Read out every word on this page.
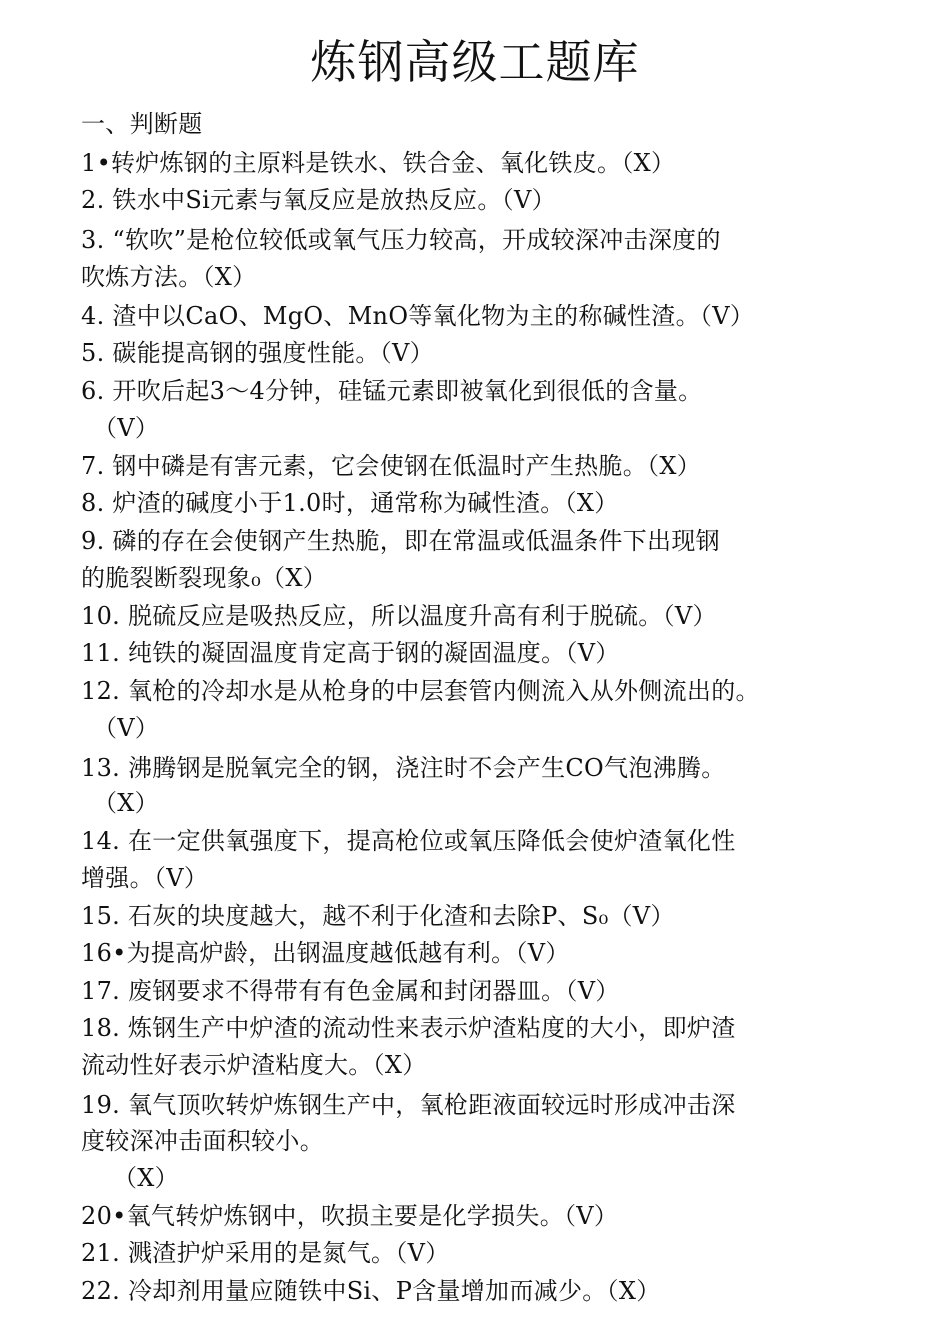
炼钢高级工题库
一、判断题
1•转炉炼钢的主原料是铁水、铁合金、氧化铁皮。（X）
2. 铁水中Si元素与氧反应是放热反应。（V）
3. “软吹”是枪位较低或氧气压力较高，开成较深冲击深度的
吹炼方法。（X）
4. 渣中以CaO、MgO、MnO等氧化物为主的称碱性渣。（V）
5. 碳能提高钢的强度性能。（V）
6. 开吹后起3〜4分钟，硅锰元素即被氧化到很低的含量。
（V）
7. 钢中磷是有害元素，它会使钢在低温时产生热脆。（X）
8. 炉渣的碱度小于1.0时，通常称为碱性渣。（X）
9. 磷的存在会使钢产生热脆，即在常温或低温条件下出现钢
的脆裂断裂现象₀（X）
10. 脱硫反应是吸热反应，所以温度升高有利于脱硫。（V）
11. 纯铁的凝固温度肯定高于钢的凝固温度。（V）
12. 氧枪的冷却水是从枪身的中层套管内侧流入从外侧流出的。
（V）
13. 沸腾钢是脱氧完全的钢，浇注时不会产生CO气泡沸腾。
（X）
14. 在一定供氧强度下，提高枪位或氧压降低会使炉渣氧化性
增强。（V）
15. 石灰的块度越大，越不利于化渣和去除P、S₀（V）
16•为提高炉龄，出钢温度越低越有利。（V）
17. 废钢要求不得带有有色金属和封闭器皿。（V）
18. 炼钢生产中炉渣的流动性来表示炉渣粘度的大小，即炉渣
流动性好表示炉渣粘度大。（X）
19. 氧气顶吹转炉炼钢生产中，氧枪距液面较远时形成冲击深
度较深冲击面积较小。
（X）
20•氧气转炉炼钢中，吹损主要是化学损失。（V）
21. 溅渣护炉采用的是氮气。（V）
22. 冷却剂用量应随铁中Si、P含量增加而减少。（X）
